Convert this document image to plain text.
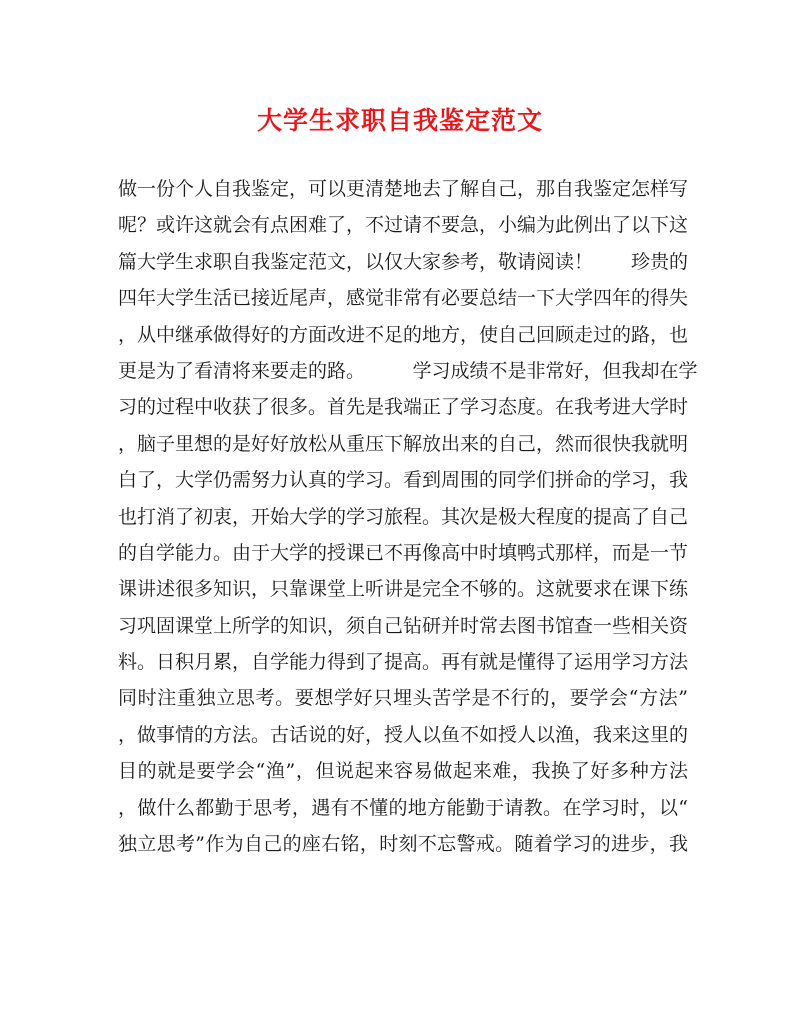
大学生求职自我鉴定范文
做一份个人自我鉴定，可以更清楚地去了解自己，那自我鉴定怎样写
呢？或许这就会有点困难了，不过请不要急，小编为此例出了以下这
篇大学生求职自我鉴定范文，以仅大家参考，敬请阅读！　　珍贵的
四年大学生活已接近尾声，感觉非常有必要总结一下大学四年的得失
，从中继承做得好的方面改进不足的地方，使自己回顾走过的路，也
更是为了看清将来要走的路。　　　学习成绩不是非常好，但我却在学
习的过程中收获了很多。首先是我端正了学习态度。在我考进大学时
，脑子里想的是好好放松从重压下解放出来的自己，然而很快我就明
白了，大学仍需努力认真的学习。看到周围的同学们拼命的学习，我
也打消了初衷，开始大学的学习旅程。其次是极大程度的提高了自己
的自学能力。由于大学的授课已不再像高中时填鸭式那样，而是一节
课讲述很多知识，只靠课堂上听讲是完全不够的。这就要求在课下练
习巩固课堂上所学的知识，须自己钻研并时常去图书馆查一些相关资
料。日积月累，自学能力得到了提高。再有就是懂得了运用学习方法
同时注重独立思考。要想学好只埋头苦学是不行的，要学会“方法”
，做事情的方法。古话说的好，授人以鱼不如授人以渔，我来这里的
目的就是要学会“渔”，但说起来容易做起来难，我换了好多种方法
，做什么都勤于思考，遇有不懂的地方能勤于请教。在学习时，以“
独立思考”作为自己的座右铭，时刻不忘警戒。随着学习的进步，我
